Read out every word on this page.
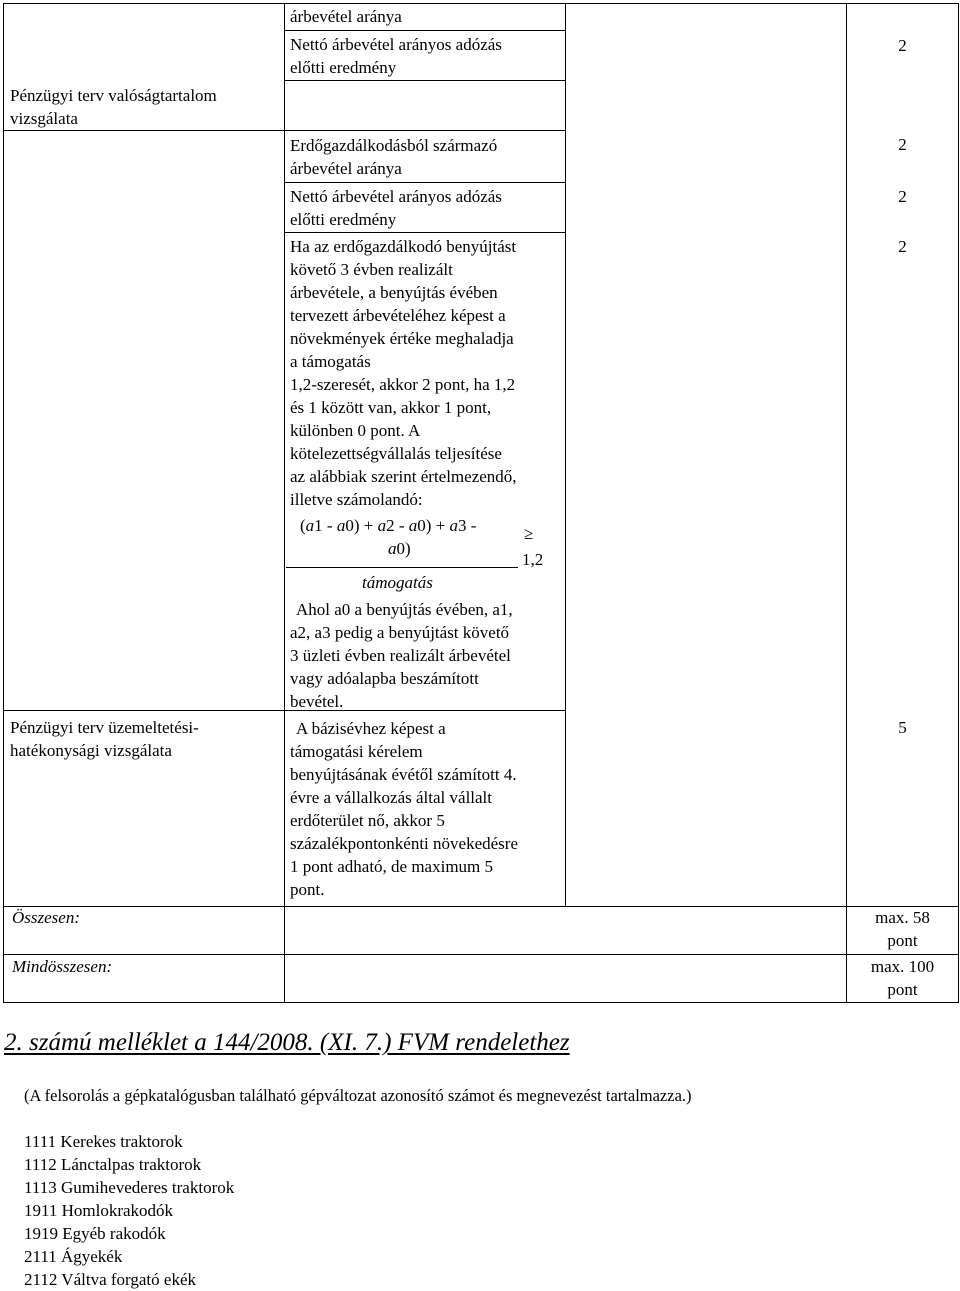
Pénzügyi terv valóságtartalom
vizsgálata
Pénzügyi terv üzemeltetési-
hatékonysági vizsgálata
árbevétel aránya
Nettó árbevétel arányos adózás
előtti eredmény
Erdőgazdálkodásból származó
árbevétel aránya
Nettó árbevétel arányos adózás
előtti eredmény
Ha az erdőgazdálkodó benyújtást
követő 3 évben realizált
árbevétele, a benyújtás évében
tervezett árbevételéhez képest a
növekmények értéke meghaladja
a támogatás
1,2-szeresét, akkor 2 pont, ha 1,2
és 1 között van, akkor 1 pont,
különben 0 pont. A
kötelezettségvállalás teljesítése
az alábbiak szerint értelmezendő,
illetve számolandó:
(a1 - a0) + a2 - a0) + a3 -
a0)
támogatás
≥
1,2
Ahol a0 a benyújtás évében, a1,
a2, a3 pedig a benyújtást követő
3 üzleti évben realizált árbevétel
vagy adóalapba beszámított
bevétel.
A bázisévhez képest a
támogatási kérelem
benyújtásának évétől számított 4.
évre a vállalkozás által vállalt
erdőterület nő, akkor 5
százalékpontonkénti növekedésre
1 pont adható, de maximum 5
pont.
2
2
2
2
5
Összesen:	max. 58
pont
Mindösszesen:	max. 100
pont
2. számú melléklet a 144/2008. (XI. 7.) FVM rendelethez
(A felsorolás a gépkatalógusban található gépváltozat azonosító számot és megnevezést tartalmazza.)
1111 Kerekes traktorok
1112 Lánctalpas traktorok
1113 Gumihevederes traktorok
1911 Homlokrakodók
1919 Egyéb rakodók
2111 Ágyekék
2112 Váltva forgató ekék
